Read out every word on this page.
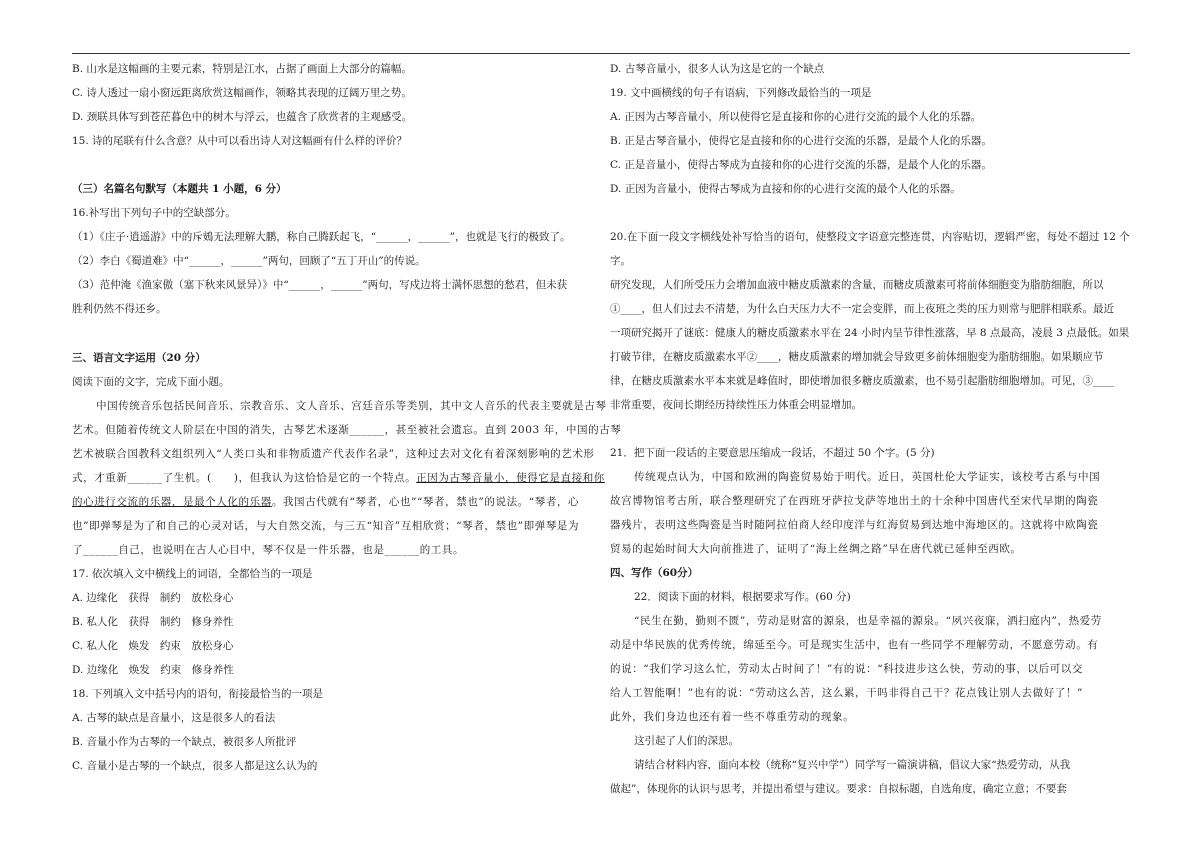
B. 山水是这幅画的主要元素，特别是江水，占据了画面上大部分的篇幅。
C. 诗人透过一扇小窗远距离欣赏这幅画作，领略其表现的辽阔万里之势。
D. 颈联具体写到苍茫暮色中的树木与浮云，也蕴含了欣赏者的主观感受。
15. 诗的尾联有什么含意？从中可以看出诗人对这幅画有什么样的评价？
（三）名篇名句默写（本题共 1 小题，6 分）
16.补写出下列句子中的空缺部分。
（1）《庄子·逍遥游》中的斥鴳无法理解大鹏，称自己腾跃起飞，“______，______”，也就是飞行的极致了。
（2）李白《蜀道难》中“______，______”两句，回顾了“五丁开山”的传说。
（3）范仲淹《渔家傲（塞下秋来风景异）》中“______，______”两句，写戍边将士满怀思想的愁君，但未获
胜利仍然不得还乡。
三、语言文字运用（20 分）
阅读下面的文字，完成下面小题。
中国传统音乐包括民间音乐、宗教音乐、文人音乐、宫廷音乐等类别，其中文人音乐的代表主要就是古琴
艺术。但随着传统文人阶层在中国的消失，古琴艺术逐渐______，甚至被社会遗忘。直到 2003 年，中国的古琴
艺术被联合国教科文组织列入“人类口头和非物质遗产代表作名录”，这种过去对文化有着深刻影响的艺术形
式，才重新______了生机。(　　)，但我认为这恰恰是它的一个特点。正因为古琴音量小，使得它是直接和你
的心进行交流的乐器，是最个人化的乐器。我国古代就有“琴者，心也”“琴者，禁也”的说法。“琴者，心
也”即弹琴是为了和自己的心灵对话，与大自然交流，与三五“知音”互相欣赏；“琴者，禁也”即弹琴是为
了______自己，也说明在古人心目中，琴不仅是一件乐器，也是______的工具。
17. 依次填入文中横线上的词语，全都恰当的一项是
A. 边缘化　获得　制约　放松身心
B. 私人化　获得　制约　修身养性
C. 私人化　焕发　约束　放松身心
D. 边缘化　焕发　约束　修身养性
18. 下列填入文中括号内的语句，衔接最恰当的一项是
A. 古琴的缺点是音量小，这是很多人的看法
B. 音量小作为古琴的一个缺点，被很多人所批评
C. 音量小是古琴的一个缺点，很多人都是这么认为的
D. 古琴音量小，很多人认为这是它的一个缺点
19. 文中画横线的句子有语病，下列修改最恰当的一项是
A. 正因为古琴音量小，所以使得它是直接和你的心进行交流的最个人化的乐器。
B. 正是古琴音量小，使得它是直接和你的心进行交流的乐器，是最个人化的乐器。
C. 正是音量小，使得古琴成为直接和你的心进行交流的乐器，是最个人化的乐器。
D. 正因为音量小，使得古琴成为直接和你的心进行交流的最个人化的乐器。
20.在下面一段文字横线处补写恰当的语句，使整段文字语意完整连贯，内容贴切，逻辑严密，每处不超过 12 个
字。
研究发现，人们所受压力会增加血液中糖皮质激素的含量，而糖皮质激素可将前体细胞变为脂肪细胞，所以
①____，但人们过去不清楚，为什么白天压力大不一定会变胖，而上夜班之类的压力则常与肥胖相联系。最近
一项研究揭开了谜底：健康人的糖皮质激素水平在 24 小时内呈节律性涨落，早 8 点最高，凌晨 3 点最低。如果
打破节律，在糖皮质激素水平②____，糖皮质激素的增加就会导致更多前体细胞变为脂肪细胞。如果顺应节
律，在糖皮质激素水平本来就是峰值时，即使增加很多糖皮质激素，也不易引起脂肪细胞增加。可见，③____
非常重要，夜间长期经历持续性压力体重会明显增加。
21．把下面一段话的主要意思压缩成一段话，不超过 50 个字。(5 分)
传统观点认为，中国和欧洲的陶瓷贸易始于明代。近日，英国杜伦大学证实，该校考古系与中国
故宫博物馆考古所，联合整理研究了在西班牙萨拉戈萨等地出土的十余种中国唐代至宋代早期的陶瓷
器残片，表明这些陶瓷是当时随阿拉伯商人经印度洋与红海贸易到达地中海地区的。这就将中欧陶瓷
贸易的起始时间大大向前推进了，证明了“海上丝绸之路”早在唐代就已延伸至西欧。
四、写作（60分）
22．阅读下面的材料，根据要求写作。(60 分)
“民生在勤，勤则不匮”，劳动是财富的源泉，也是幸福的源泉。“夙兴夜寐，洒扫庭内”，热爱劳
动是中华民族的优秀传统，绵延至今。可是现实生活中，也有一些同学不理解劳动，不愿意劳动。有
的说：“我们学习这么忙，劳动太占时间了！”有的说：“科技进步这么快，劳动的事，以后可以交
给人工智能啊！”也有的说：“劳动这么苦，这么累，干吗非得自己干？花点钱让别人去做好了！”
此外，我们身边也还有着一些不尊重劳动的现象。
这引起了人们的深思。
请结合材料内容，面向本校（统称“复兴中学”）同学写一篇演讲稿，倡议大家“热爱劳动，从我
做起”，体现你的认识与思考，并提出希望与建议。要求：自拟标题，自选角度，确定立意；不要套
